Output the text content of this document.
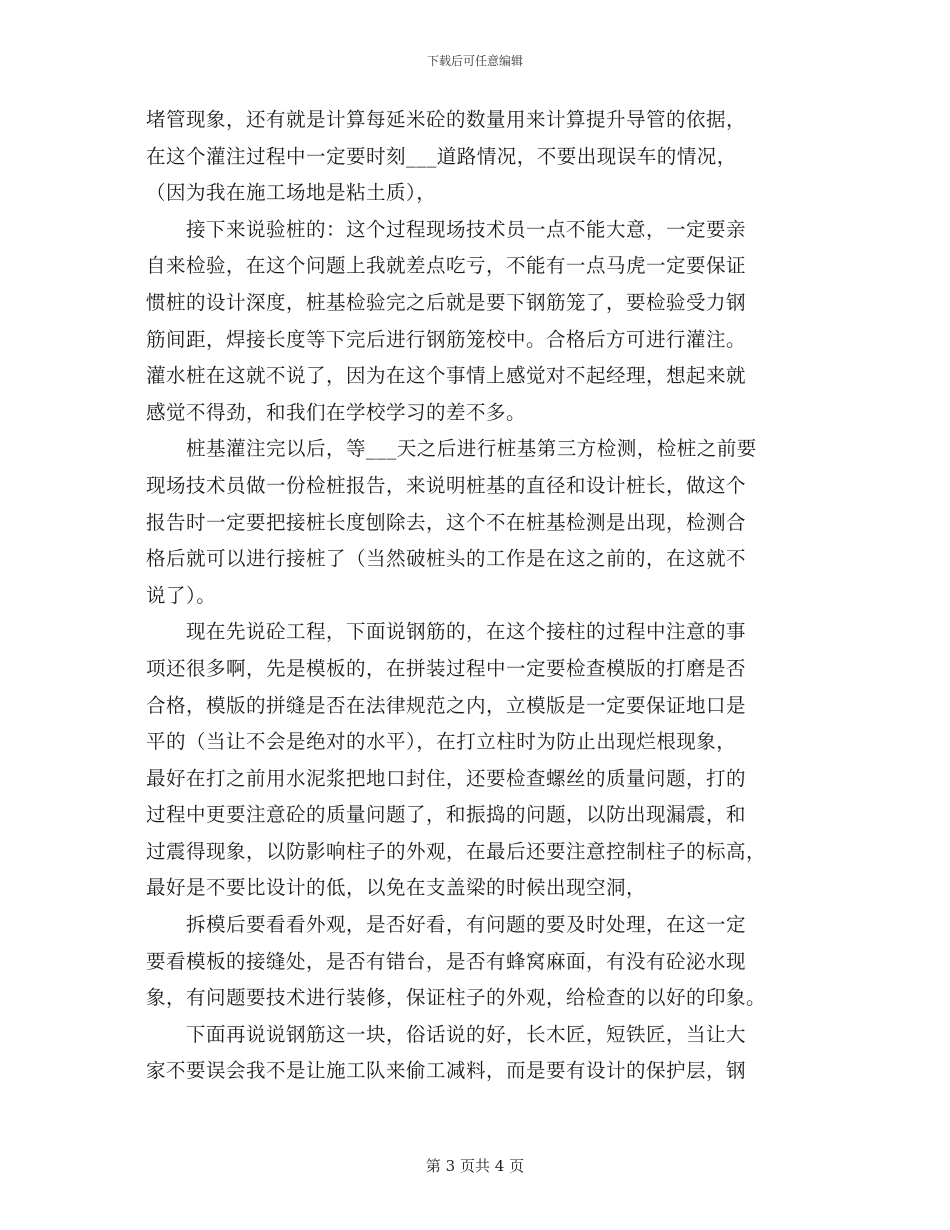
下载后可任意编辑
堵管现象，还有就是计算每延米砼的数量用来计算提升导管的依据，
在这个灌注过程中一定要时刻___道路情况，不要出现误车的情况，
（因为我在施工场地是粘土质），
接下来说验桩的：这个过程现场技术员一点不能大意，一定要亲
自来检验，在这个问题上我就差点吃亏，不能有一点马虎一定要保证
惯桩的设计深度，桩基检验完之后就是要下钢筋笼了，要检验受力钢
筋间距，焊接长度等下完后进行钢筋笼校中。合格后方可进行灌注。
灌水桩在这就不说了，因为在这个事情上感觉对不起经理，想起来就
感觉不得劲，和我们在学校学习的差不多。
桩基灌注完以后，等___天之后进行桩基第三方检测，检桩之前要
现场技术员做一份检桩报告，来说明桩基的直径和设计桩长，做这个
报告时一定要把接桩长度刨除去，这个不在桩基检测是出现，检测合
格后就可以进行接桩了（当然破桩头的工作是在这之前的，在这就不
说了）。
现在先说砼工程，下面说钢筋的，在这个接柱的过程中注意的事
项还很多啊，先是模板的，在拼装过程中一定要检查模版的打磨是否
合格，模版的拼缝是否在法律规范之内，立模版是一定要保证地口是
平的（当让不会是绝对的水平），在打立柱时为防止出现烂根现象，
最好在打之前用水泥浆把地口封住，还要检查螺丝的质量问题，打的
过程中更要注意砼的质量问题了，和振捣的问题，以防出现漏震，和
过震得现象，以防影响柱子的外观，在最后还要注意控制柱子的标高，
最好是不要比设计的低，以免在支盖梁的时候出现空洞，
拆模后要看看外观，是否好看，有问题的要及时处理，在这一定
要看模板的接缝处，是否有错台，是否有蜂窝麻面，有没有砼泌水现
象，有问题要技术进行装修，保证柱子的外观，给检查的以好的印象。
下面再说说钢筋这一块，俗话说的好，长木匠，短铁匠，当让大
家不要误会我不是让施工队来偷工减料，而是要有设计的保护层，钢
第 3 页共 4 页
